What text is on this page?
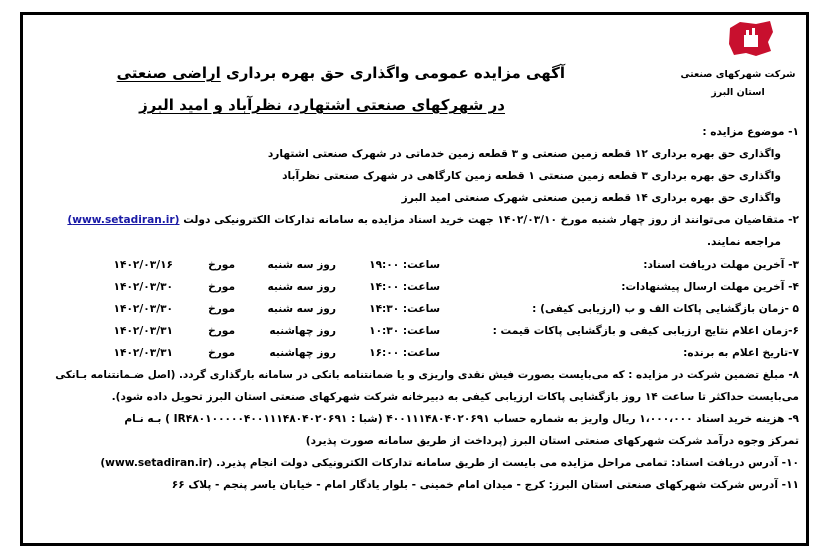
شرکت شهرکهای صنعتی
استان البرز
آگهی مزایده عمومی واگذاری حق بهره برداری اراضی صنعتی
در شهرکهای صنعتی اشتهارد، نظرآباد و امید البرز
۱- موضوع مزایده :
واگذاری حق بهره برداری ۱۲ قطعه زمین صنعتی و ۳ قطعه زمین خدماتی در شهرک صنعتی اشتهارد
واگذاری حق بهره برداری ۳ قطعه زمین صنعتی ۱ قطعه زمین کارگاهی در شهرک صنعتی نظرآباد
واگذاری حق بهره برداری ۱۴ قطعه زمین صنعتی شهرک صنعتی امید البرز
۲- متقاضیان می‌توانند از روز چهار شنبه مورخ ۱۴۰۲/۰۳/۱۰ جهت خرید اسناد مزایده به سامانه تدارکات الکترونیکی دولت (www.setadiran.ir)
مراجعه نمایند.
۳- آخرین مهلت دریافت اسناد:
ساعت: ۱۹:۰۰
روز سه شنبه
مورخ
۱۴۰۲/۰۳/۱۶
۴- آخرین مهلت ارسال پیشنهادات:
ساعت: ۱۴:۰۰
روز سه شنبه
مورخ
۱۴۰۲/۰۳/۳۰
۵ -زمان بازگشایی پاکات الف و ب (ارزیابی کیفی) :
ساعت: ۱۴:۳۰
روز سه شنبه
مورخ
۱۴۰۲/۰۳/۳۰
۶-زمان اعلام نتایج ارزیابی کیفی و بازگشایی پاکات قیمت :
ساعت: ۱۰:۳۰
روز چهاشنبه
مورخ
۱۴۰۲/۰۳/۳۱
۷-تاریخ اعلام به برنده:
ساعت: ۱۶:۰۰
روز چهاشنبه
مورخ
۱۴۰۲/۰۳/۳۱
۸- مبلغ تضمین شرکت در مزایده : که می‌بایست بصورت فیش نقدی واریزی و یا ضمانتنامه بانکی در سامانه بارگذاری گردد. (اصل ضـمانتنامه بـانکی
می‌بایست حداکثر تا ساعت ۱۴ روز بازگشایی پاکات ارزیابی کیفی به دبیرخانه شرکت شهرکهای صنعتی استان البرز تحویل داده شود).
۹- هزینه خرید اسناد ۱،۰۰۰،۰۰۰ ریال واریز به شماره حساب ۴۰۰۱۱۱۴۸۰۴۰۲۰۶۹۱ (شبا : IR۴۸۰۱۰۰۰۰۰۴۰۰۱۱۱۴۸۰۴۰۲۰۶۹۱ ) بـه نـام
تمرکز وجوه درآمد شرکت شهرکهای صنعتی استان البرز (پرداخت از طریق سامانه صورت پذیرد)
۱۰- آدرس دریافت اسناد: تمامی مراحل مزایده می بایست از طریق سامانه تدارکات الکترونیکی دولت انجام پذیرد. (www.setadiran.ir)
۱۱- آدرس شرکت شهرکهای صنعتی استان البرز: کرج - میدان امام خمینی - بلوار یادگار امام - خیابان یاسر پنجم - پلاک ۶۶
